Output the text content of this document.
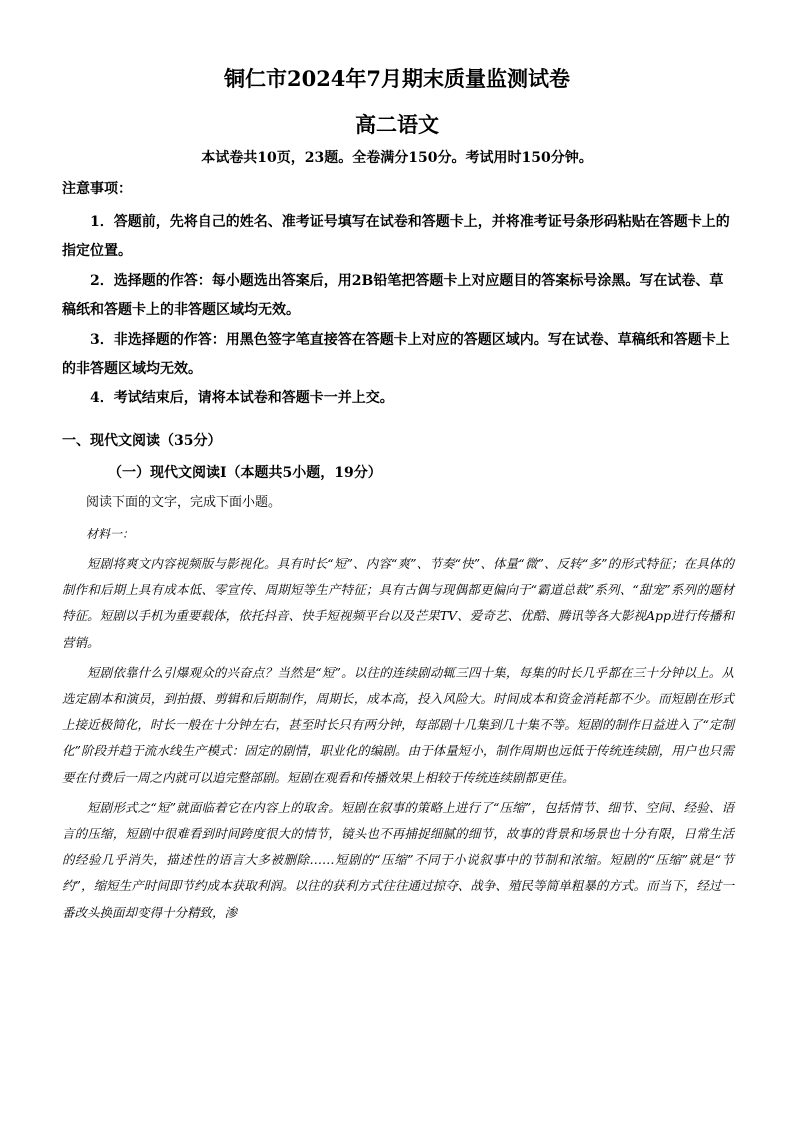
铜仁市2024年7月期末质量监测试卷
高二语文
本试卷共10页，23题。全卷满分150分。考试用时150分钟。
注意事项：

1．答题前，先将自己的姓名、准考证号填写在试卷和答题卡上，并将准考证号条形码粘贴在答题卡上的指定位置。

2．选择题的作答：每小题选出答案后，用2B铅笔把答题卡上对应题目的答案标号涂黑。写在试卷、草稿纸和答题卡上的非答题区域均无效。

3．非选择题的作答：用黑色签字笔直接答在答题卡上对应的答题区域内。写在试卷、草稿纸和答题卡上的非答题区域均无效。

4．考试结束后，请将本试卷和答题卡一并上交。

一、现代文阅读（35分）
（一）现代文阅读Ⅰ（本题共5小题，19分）
阅读下面的文字，完成下面小题。
材料一：

短剧将爽文内容视频版与影视化。具有时长“短”、内容“爽”、节奏“快”、体量“微”、反转“多”的形式特征；在具体的制作和后期上具有成本低、零宣传、周期短等生产特征；具有古偶与现偶都更偏向于“霸道总裁”系列、“甜宠”系列的题材特征。短剧以手机为重要载体，依托抖音、快手短视频平台以及芒果TV、爱奇艺、优酷、腾讯等各大影视App进行传播和营销。

短剧依靠什么引爆观众的兴奋点？当然是“短”。以往的连续剧动辄三四十集，每集的时长几乎都在三十分钟以上。从选定剧本和演员，到拍摄、剪辑和后期制作，周期长，成本高，投入风险大。时间成本和资金消耗都不少。而短剧在形式上接近极简化，时长一般在十分钟左右，甚至时长只有两分钟，每部剧十几集到几十集不等。短剧的制作日益进入了“定制化”阶段并趋于流水线生产模式：固定的剧情，职业化的编剧。由于体量短小，制作周期也远低于传统连续剧，用户也只需要在付费后一周之内就可以追完整部剧。短剧在观看和传播效果上相较于传统连续剧都更佳。

短剧形式之“短”就面临着它在内容上的取舍。短剧在叙事的策略上进行了“压缩”，包括情节、细节、空间、经验、语言的压缩，短剧中很难看到时间跨度很大的情节，镜头也不再捕捉细腻的细节，故事的背景和场景也十分有限，日常生活的经验几乎消失，描述性的语言大多被删除……短剧的“压缩”不同于小说叙事中的节制和浓缩。短剧的“压缩”就是“节约”，缩短生产时间即节约成本获取利润。以往的获利方式往往通过掠夺、战争、殖民等简单粗暴的方式。而当下，经过一番改头换面却变得十分精致，渗
